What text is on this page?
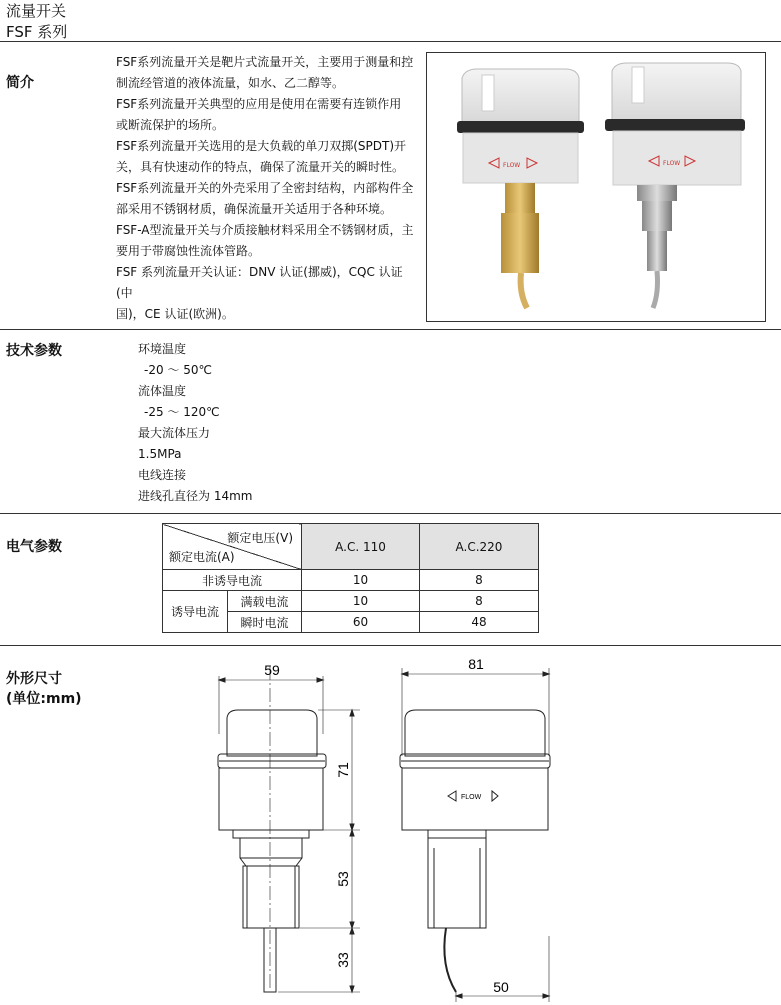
流量开关
FSF 系列
简介

FSF系列流量开关是靶片式流量开关，主要用于测量和控

制流经管道的液体流量，如水、乙二醇等。

FSF系列流量开关典型的应用是使用在需要有连锁作用

或断流保护的场所。

FSF系列流量开关选用的是大负载的单刀双掷(SPDT)开

关，具有快速动作的特点，确保了流量开关的瞬时性。

FSF系列流量开关的外壳采用了全密封结构，内部构件全

部采用不锈钢材质，确保流量开关适用于各种环境。

FSF-A型流量开关与介质接触材料采用全不锈钢材质，主

要用于带腐蚀性流体管路。

FSF 系列流量开关认证：DNV 认证(挪威)，CQC 认证(中

国)，CE 认证(欧洲)。

FLOW	FLOW
技术参数	环境温度
-20 ～ 50℃
流体温度
-25 ～ 120℃
最大流体压力
1.5MPa
电线连接
进线孔直径为 14mm
电气参数
额定电压(V)
额定电流(A)		A.C. 110	A.C.220
非诱导电流		10	8
诱导电流	满载电流	10	8
	瞬时电流	60	48
外形尺寸
(单位:mm)
59	81
71
53
33
50
FLOW
